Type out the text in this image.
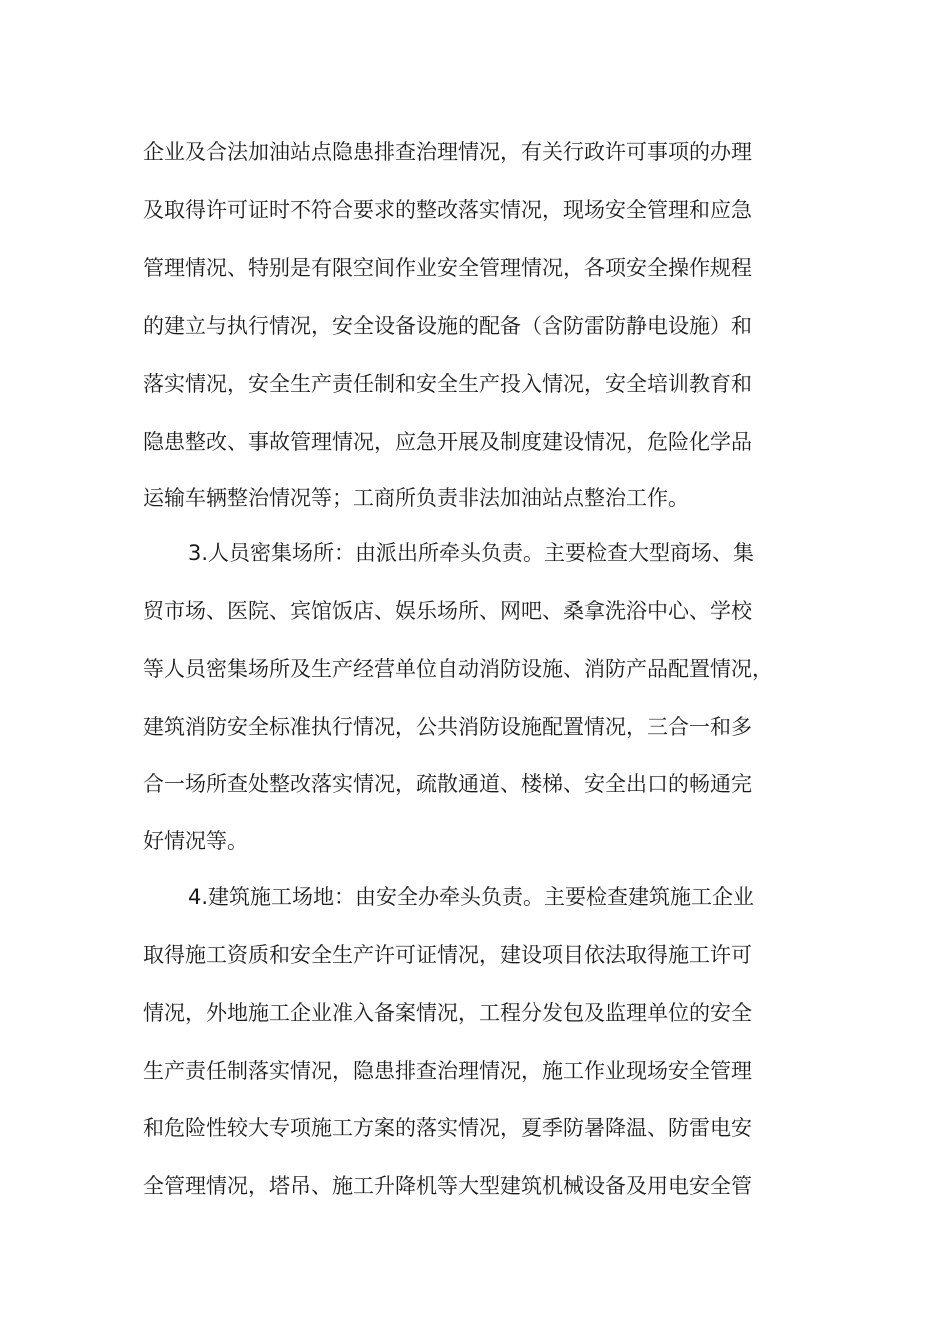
企业及合法加油站点隐患排查治理情况，有关行政许可事项的办理
及取得许可证时不符合要求的整改落实情况，现场安全管理和应急
管理情况、特别是有限空间作业安全管理情况，各项安全操作规程
的建立与执行情况，安全设备设施的配备（含防雷防静电设施）和
落实情况，安全生产责任制和安全生产投入情况，安全培训教育和
隐患整改、事故管理情况，应急开展及制度建设情况，危险化学品
运输车辆整治情况等；工商所负责非法加油站点整治工作。
3.人员密集场所：由派出所牵头负责。主要检查大型商场、集
贸市场、医院、宾馆饭店、娱乐场所、网吧、桑拿洗浴中心、学校
等人员密集场所及生产经营单位自动消防设施、消防产品配置情况，
建筑消防安全标准执行情况，公共消防设施配置情况，三合一和多
合一场所查处整改落实情况，疏散通道、楼梯、安全出口的畅通完
好情况等。
4.建筑施工场地：由安全办牵头负责。主要检查建筑施工企业
取得施工资质和安全生产许可证情况，建设项目依法取得施工许可
情况，外地施工企业准入备案情况，工程分发包及监理单位的安全
生产责任制落实情况，隐患排查治理情况，施工作业现场安全管理
和危险性较大专项施工方案的落实情况，夏季防暑降温、防雷电安
全管理情况，塔吊、施工升降机等大型建筑机械设备及用电安全管
